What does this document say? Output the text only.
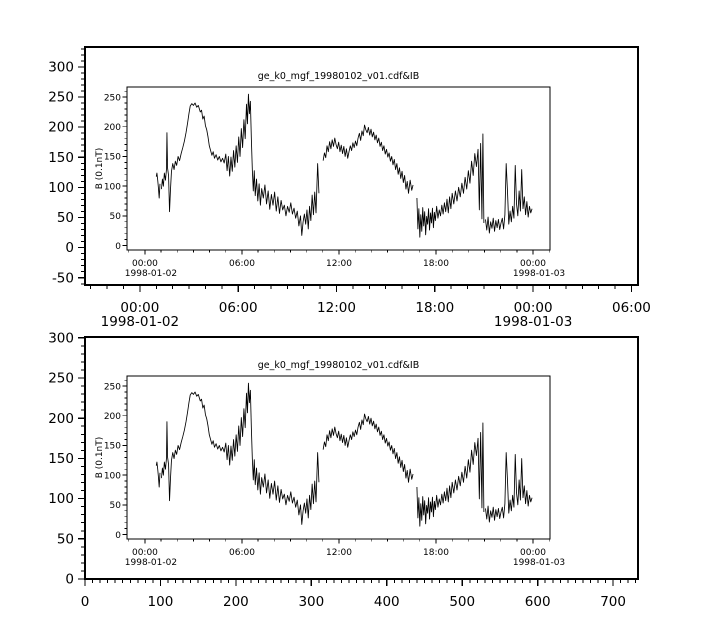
300
250
200
150
100
50
0
-50
00:00
1998-01-02
06:00	12:00	18:00	00:00
1998-01-03
06:00
ge_k0_mgf_19980102_v01.cdf&IB
0
50
100
150
200
250
B (0.1nT)
00:00
1998-01-02
06:00	12:00	18:00	00:00
1998-01-03
300
250
200
150
100
50
0
0	100	200	300	400	500	600	700
ge_k0_mgf_19980102_v01.cdf&IB
0
50
100
150
200
250
B (0.1nT)
00:00
1998-01-02
06:00	12:00	18:00	00:00
1998-01-03
